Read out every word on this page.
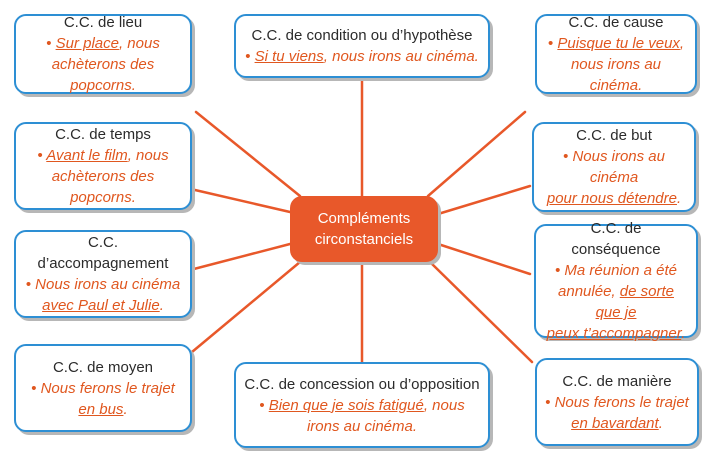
Compléments
circonstanciels
C.C. de lieu
• Sur place, nous
achèterons des popcorns.
C.C. de condition ou d’hypothèse
• Si tu viens, nous irons au cinéma.
C.C. de cause
• Puisque tu le veux,
nous irons au cinéma.
C.C. de temps
• Avant le film, nous
achèterons des popcorns.
C.C. de but
• Nous irons au cinéma
pour nous détendre.
C.C. d’accompagnement
• Nous irons au cinéma
avec Paul et Julie.
C.C. de conséquence
• Ma réunion a été
annulée, de sorte que je
peux t’accompagner.
C.C. de moyen
• Nous ferons le trajet
en bus.
C.C. de concession ou d’opposition
• Bien que je sois fatigué, nous
irons au cinéma.
C.C. de manière
• Nous ferons le trajet
en bavardant.
